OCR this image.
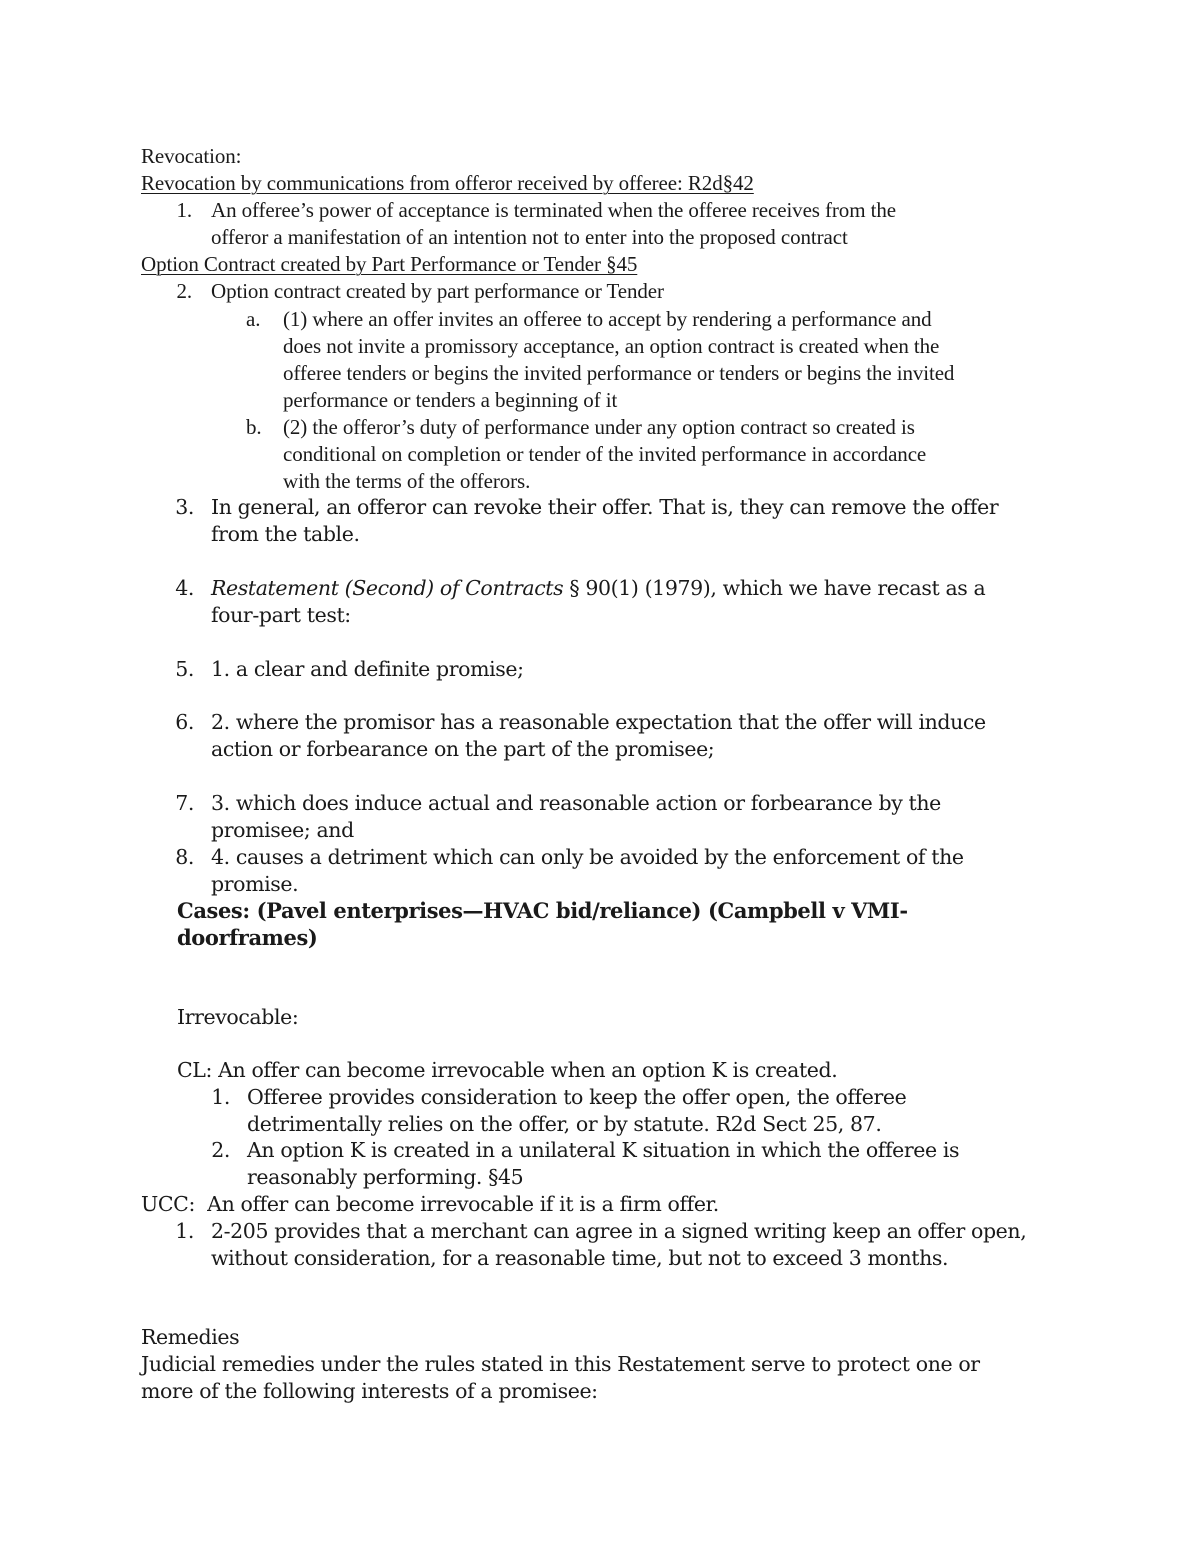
Revocation:
Revocation by communications from offeror received by offeree: R2d§42
1. An offeree’s power of acceptance is terminated when the offeree receives from the
offeror a manifestation of an intention not to enter into the proposed contract
Option Contract created by Part Performance or Tender §45
2. Option contract created by part performance or Tender
a. (1) where an offer invites an offeree to accept by rendering a performance and
does not invite a promissory acceptance, an option contract is created when the
offeree tenders or begins the invited performance or tenders or begins the invited
performance or tenders a beginning of it
b. (2) the offeror’s duty of performance under any option contract so created is
conditional on completion or tender of the invited performance in accordance
with the terms of the offerors.
3. In general, an offeror can revoke their offer. That is, they can remove the offer
from the table.
4. Restatement (Second) of Contracts § 90(1) (1979), which we have recast as a
four-part test:
5. 1. a clear and definite promise;
6. 2. where the promisor has a reasonable expectation that the offer will induce
action or forbearance on the part of the promisee;
7. 3. which does induce actual and reasonable action or forbearance by the
promisee; and
8. 4. causes a detriment which can only be avoided by the enforcement of the
promise.
Cases: (Pavel enterprises—HVAC bid/reliance) (Campbell v VMI-
doorframes)
Irrevocable:
CL: An offer can become irrevocable when an option K is created.
1. Offeree provides consideration to keep the offer open, the offeree
detrimentally relies on the offer, or by statute. R2d Sect 25, 87.
2. An option K is created in a unilateral K situation in which the offeree is
reasonably performing. §45
UCC:  An offer can become irrevocable if it is a firm offer.
1. 2-205 provides that a merchant can agree in a signed writing keep an offer open,
without consideration, for a reasonable time, but not to exceed 3 months.
Remedies
Judicial remedies under the rules stated in this Restatement serve to protect one or
more of the following interests of a promisee:
